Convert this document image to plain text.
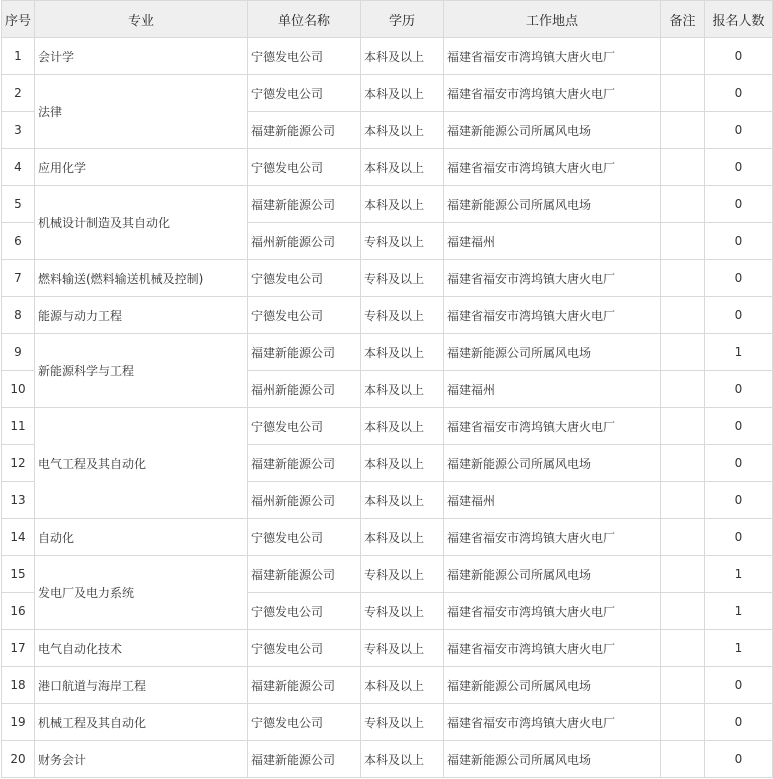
序号	专业	单位名称	学历	工作地点	备注	报名人数
1	会计学	宁德发电公司	本科及以上	福建省福安市湾坞镇大唐火电厂		0
2	法律	宁德发电公司	本科及以上	福建省福安市湾坞镇大唐火电厂		0
3		福建新能源公司	本科及以上	福建新能源公司所属风电场		0
4	应用化学	宁德发电公司	本科及以上	福建省福安市湾坞镇大唐火电厂		0
5	机械设计制造及其自动化	福建新能源公司	本科及以上	福建新能源公司所属风电场		0
6		福州新能源公司	专科及以上	福建福州		0
7	燃料输送(燃料输送机械及控制)	宁德发电公司	专科及以上	福建省福安市湾坞镇大唐火电厂		0
8	能源与动力工程	宁德发电公司	专科及以上	福建省福安市湾坞镇大唐火电厂		0
9	新能源科学与工程	福建新能源公司	本科及以上	福建新能源公司所属风电场		1
10		福州新能源公司	本科及以上	福建福州		0
11	电气工程及其自动化	宁德发电公司	本科及以上	福建省福安市湾坞镇大唐火电厂		0
12		福建新能源公司	本科及以上	福建新能源公司所属风电场		0
13		福州新能源公司	本科及以上	福建福州		0
14	自动化	宁德发电公司	本科及以上	福建省福安市湾坞镇大唐火电厂		0
15	发电厂及电力系统	福建新能源公司	专科及以上	福建新能源公司所属风电场		1
16		宁德发电公司	专科及以上	福建省福安市湾坞镇大唐火电厂		1
17	电气自动化技术	宁德发电公司	专科及以上	福建省福安市湾坞镇大唐火电厂		1
18	港口航道与海岸工程	福建新能源公司	本科及以上	福建新能源公司所属风电场		0
19	机械工程及其自动化	宁德发电公司	专科及以上	福建省福安市湾坞镇大唐火电厂		0
20	财务会计	福建新能源公司	本科及以上	福建新能源公司所属风电场		0
